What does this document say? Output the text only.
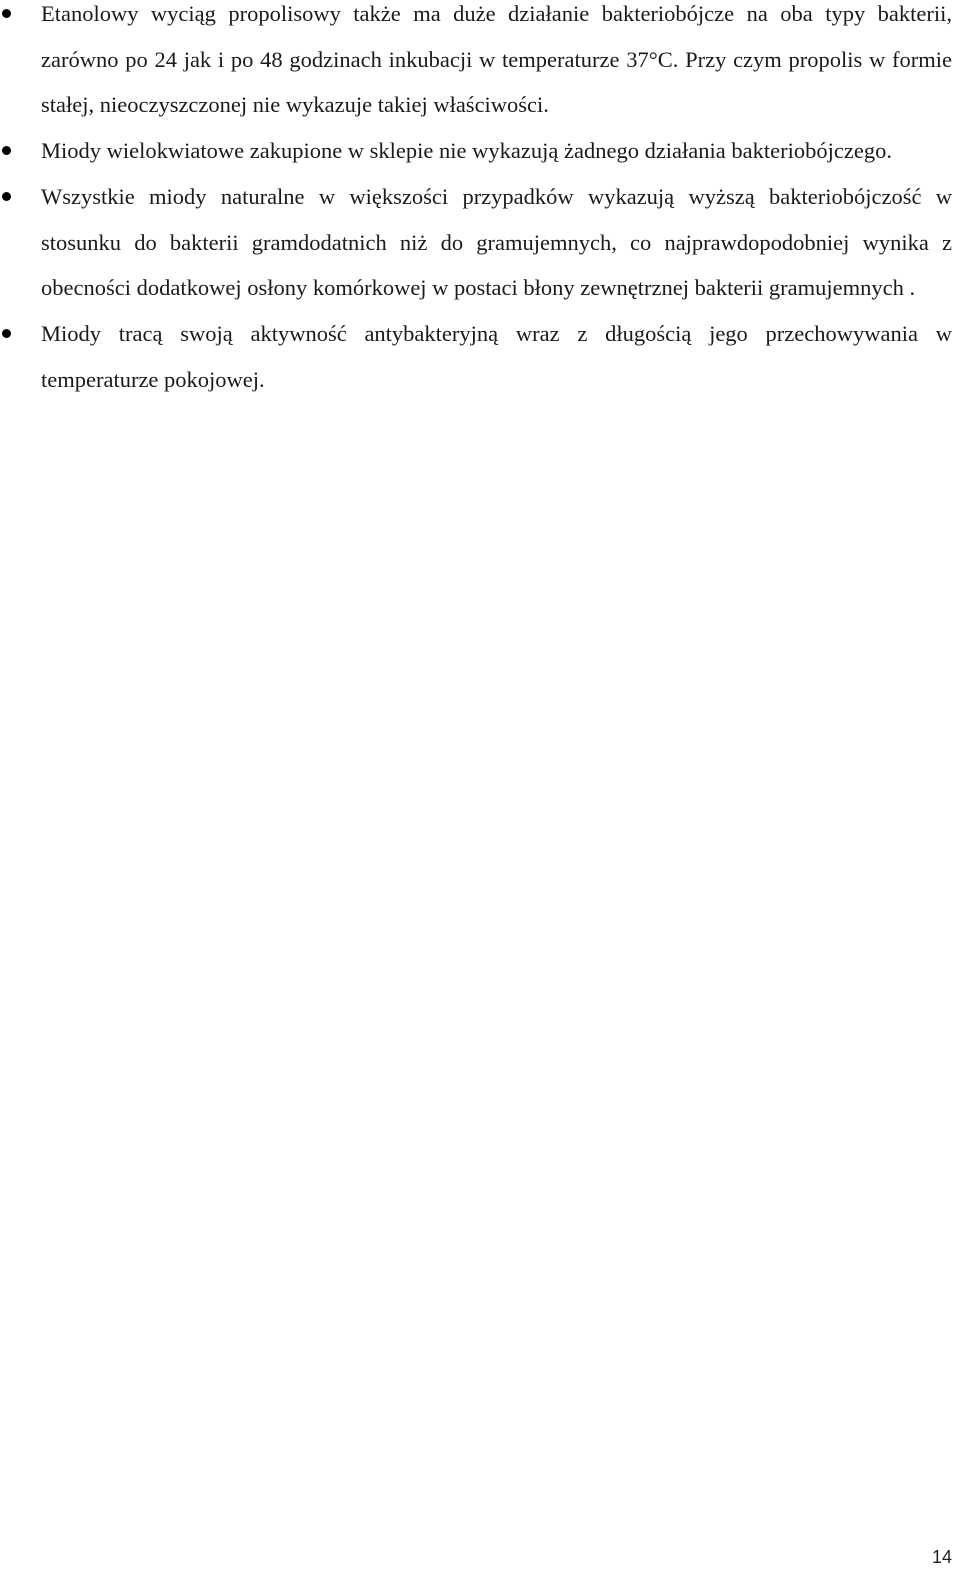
Etanolowy wyciąg propolisowy także ma duże działanie bakteriobójcze na oba typy bakterii, zarówno po 24 jak i po 48 godzinach inkubacji w temperaturze 37°C. Przy czym propolis w formie stałej, nieoczyszczonej nie wykazuje takiej właściwości.
Miody wielokwiatowe zakupione w sklepie nie wykazują żadnego działania bakteriobójczego.
Wszystkie miody naturalne w większości przypadków wykazują wyższą bakteriobójczość w stosunku do bakterii gramdodatnich niż do gramujemnych, co najprawdopodobniej wynika z obecności dodatkowej osłony komórkowej w postaci błony zewnętrznej bakterii gramujemnych .
Miody tracą swoją aktywność antybakteryjną wraz z długością jego przechowywania w temperaturze pokojowej.
14
